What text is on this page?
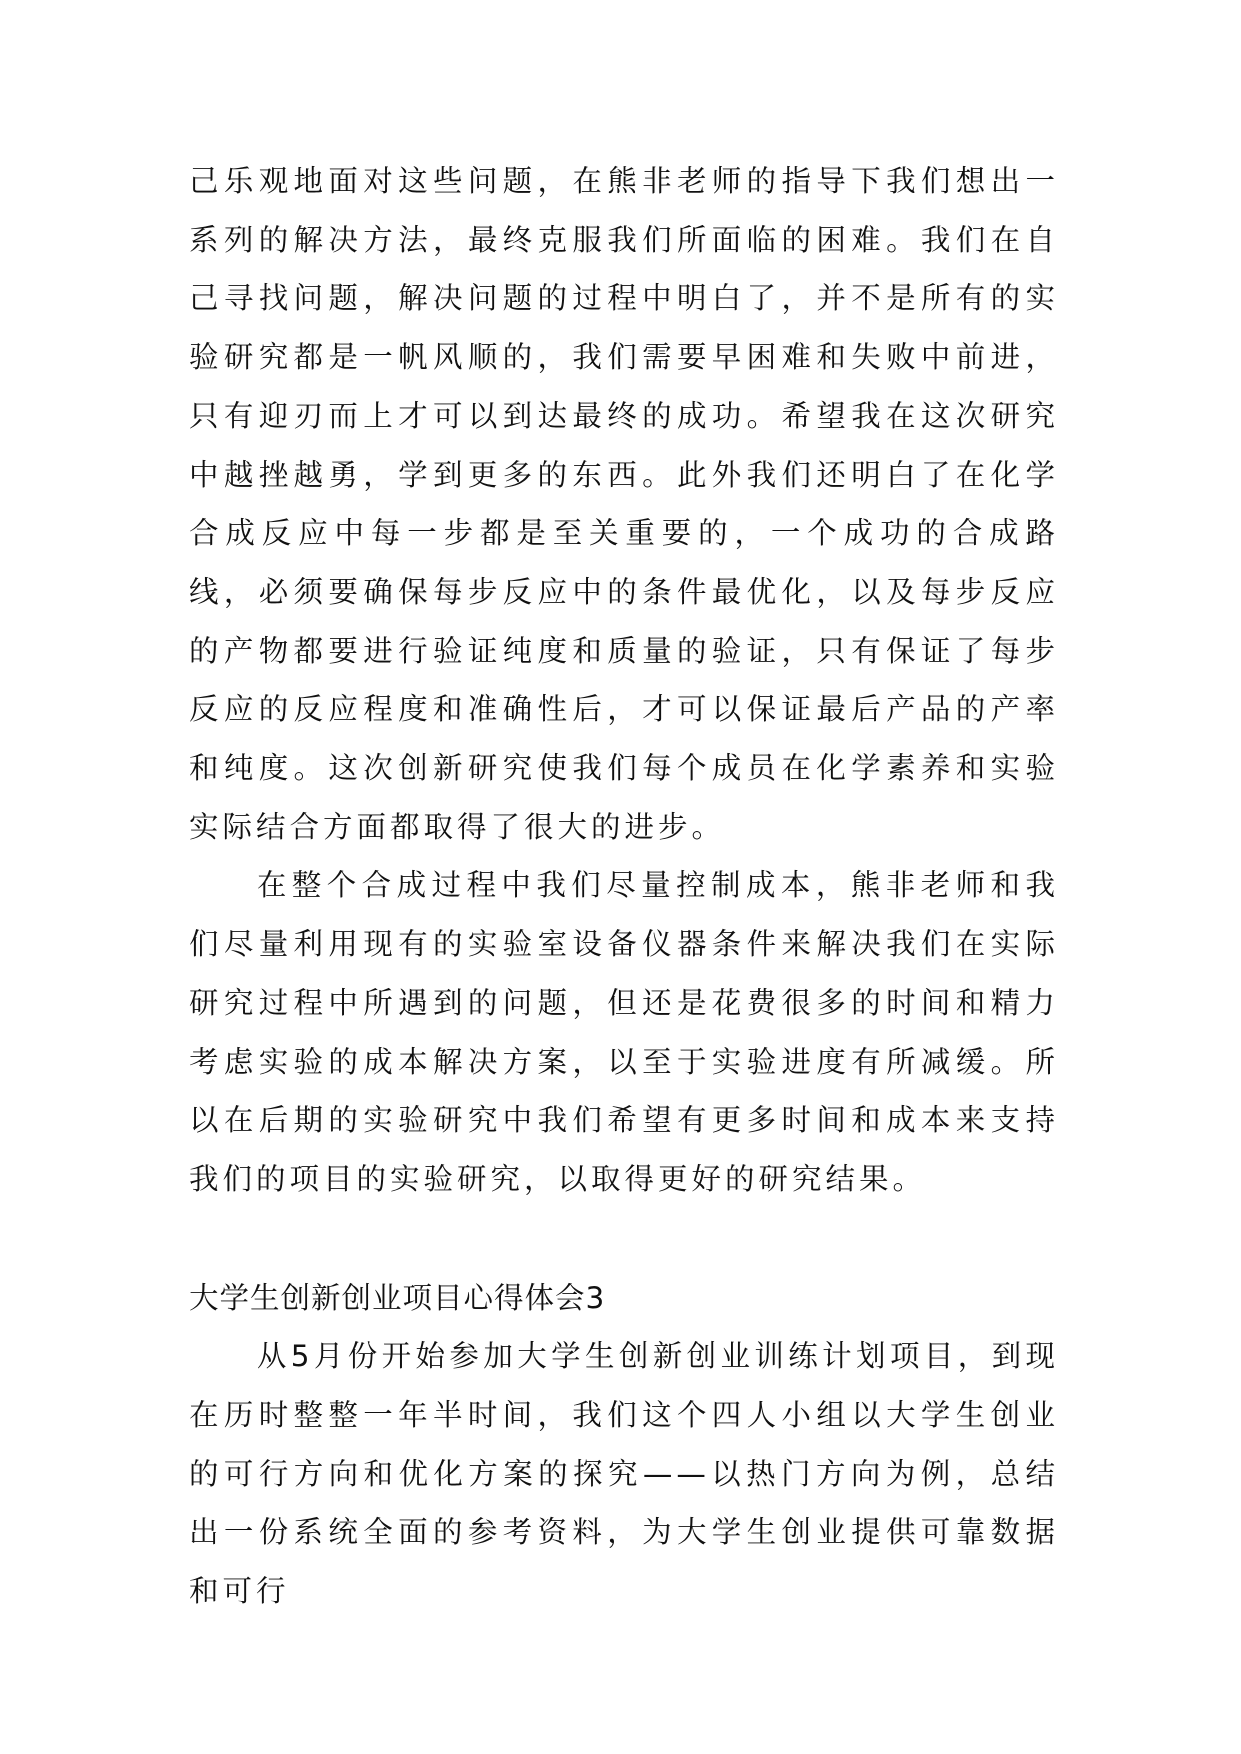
己乐观地面对这些问题，在熊非老师的指导下我们想出一系列的解决方法，最终克服我们所面临的困难。我们在自己寻找问题，解决问题的过程中明白了，并不是所有的实验研究都是一帆风顺的，我们需要早困难和失败中前进，只有迎刃而上才可以到达最终的成功。希望我在这次研究中越挫越勇，学到更多的东西。此外我们还明白了在化学合成反应中每一步都是至关重要的，一个成功的合成路线，必须要确保每步反应中的条件最优化，以及每步反应的产物都要进行验证纯度和质量的验证，只有保证了每步反应的反应程度和准确性后，才可以保证最后产品的产率和纯度。这次创新研究使我们每个成员在化学素养和实验实际结合方面都取得了很大的进步。

在整个合成过程中我们尽量控制成本，熊非老师和我们尽量利用现有的实验室设备仪器条件来解决我们在实际研究过程中所遇到的问题，但还是花费很多的时间和精力考虑实验的成本解决方案，以至于实验进度有所减缓。所以在后期的实验研究中我们希望有更多时间和成本来支持我们的项目的实验研究，以取得更好的研究结果。

大学生创新创业项目心得体会3

从5月份开始参加大学生创新创业训练计划项目，到现在历时整整一年半时间，我们这个四人小组以大学生创业的可行方向和优化方案的探究——以热门方向为例，总结出一份系统全面的参考资料，为大学生创业提供可靠数据和可行
